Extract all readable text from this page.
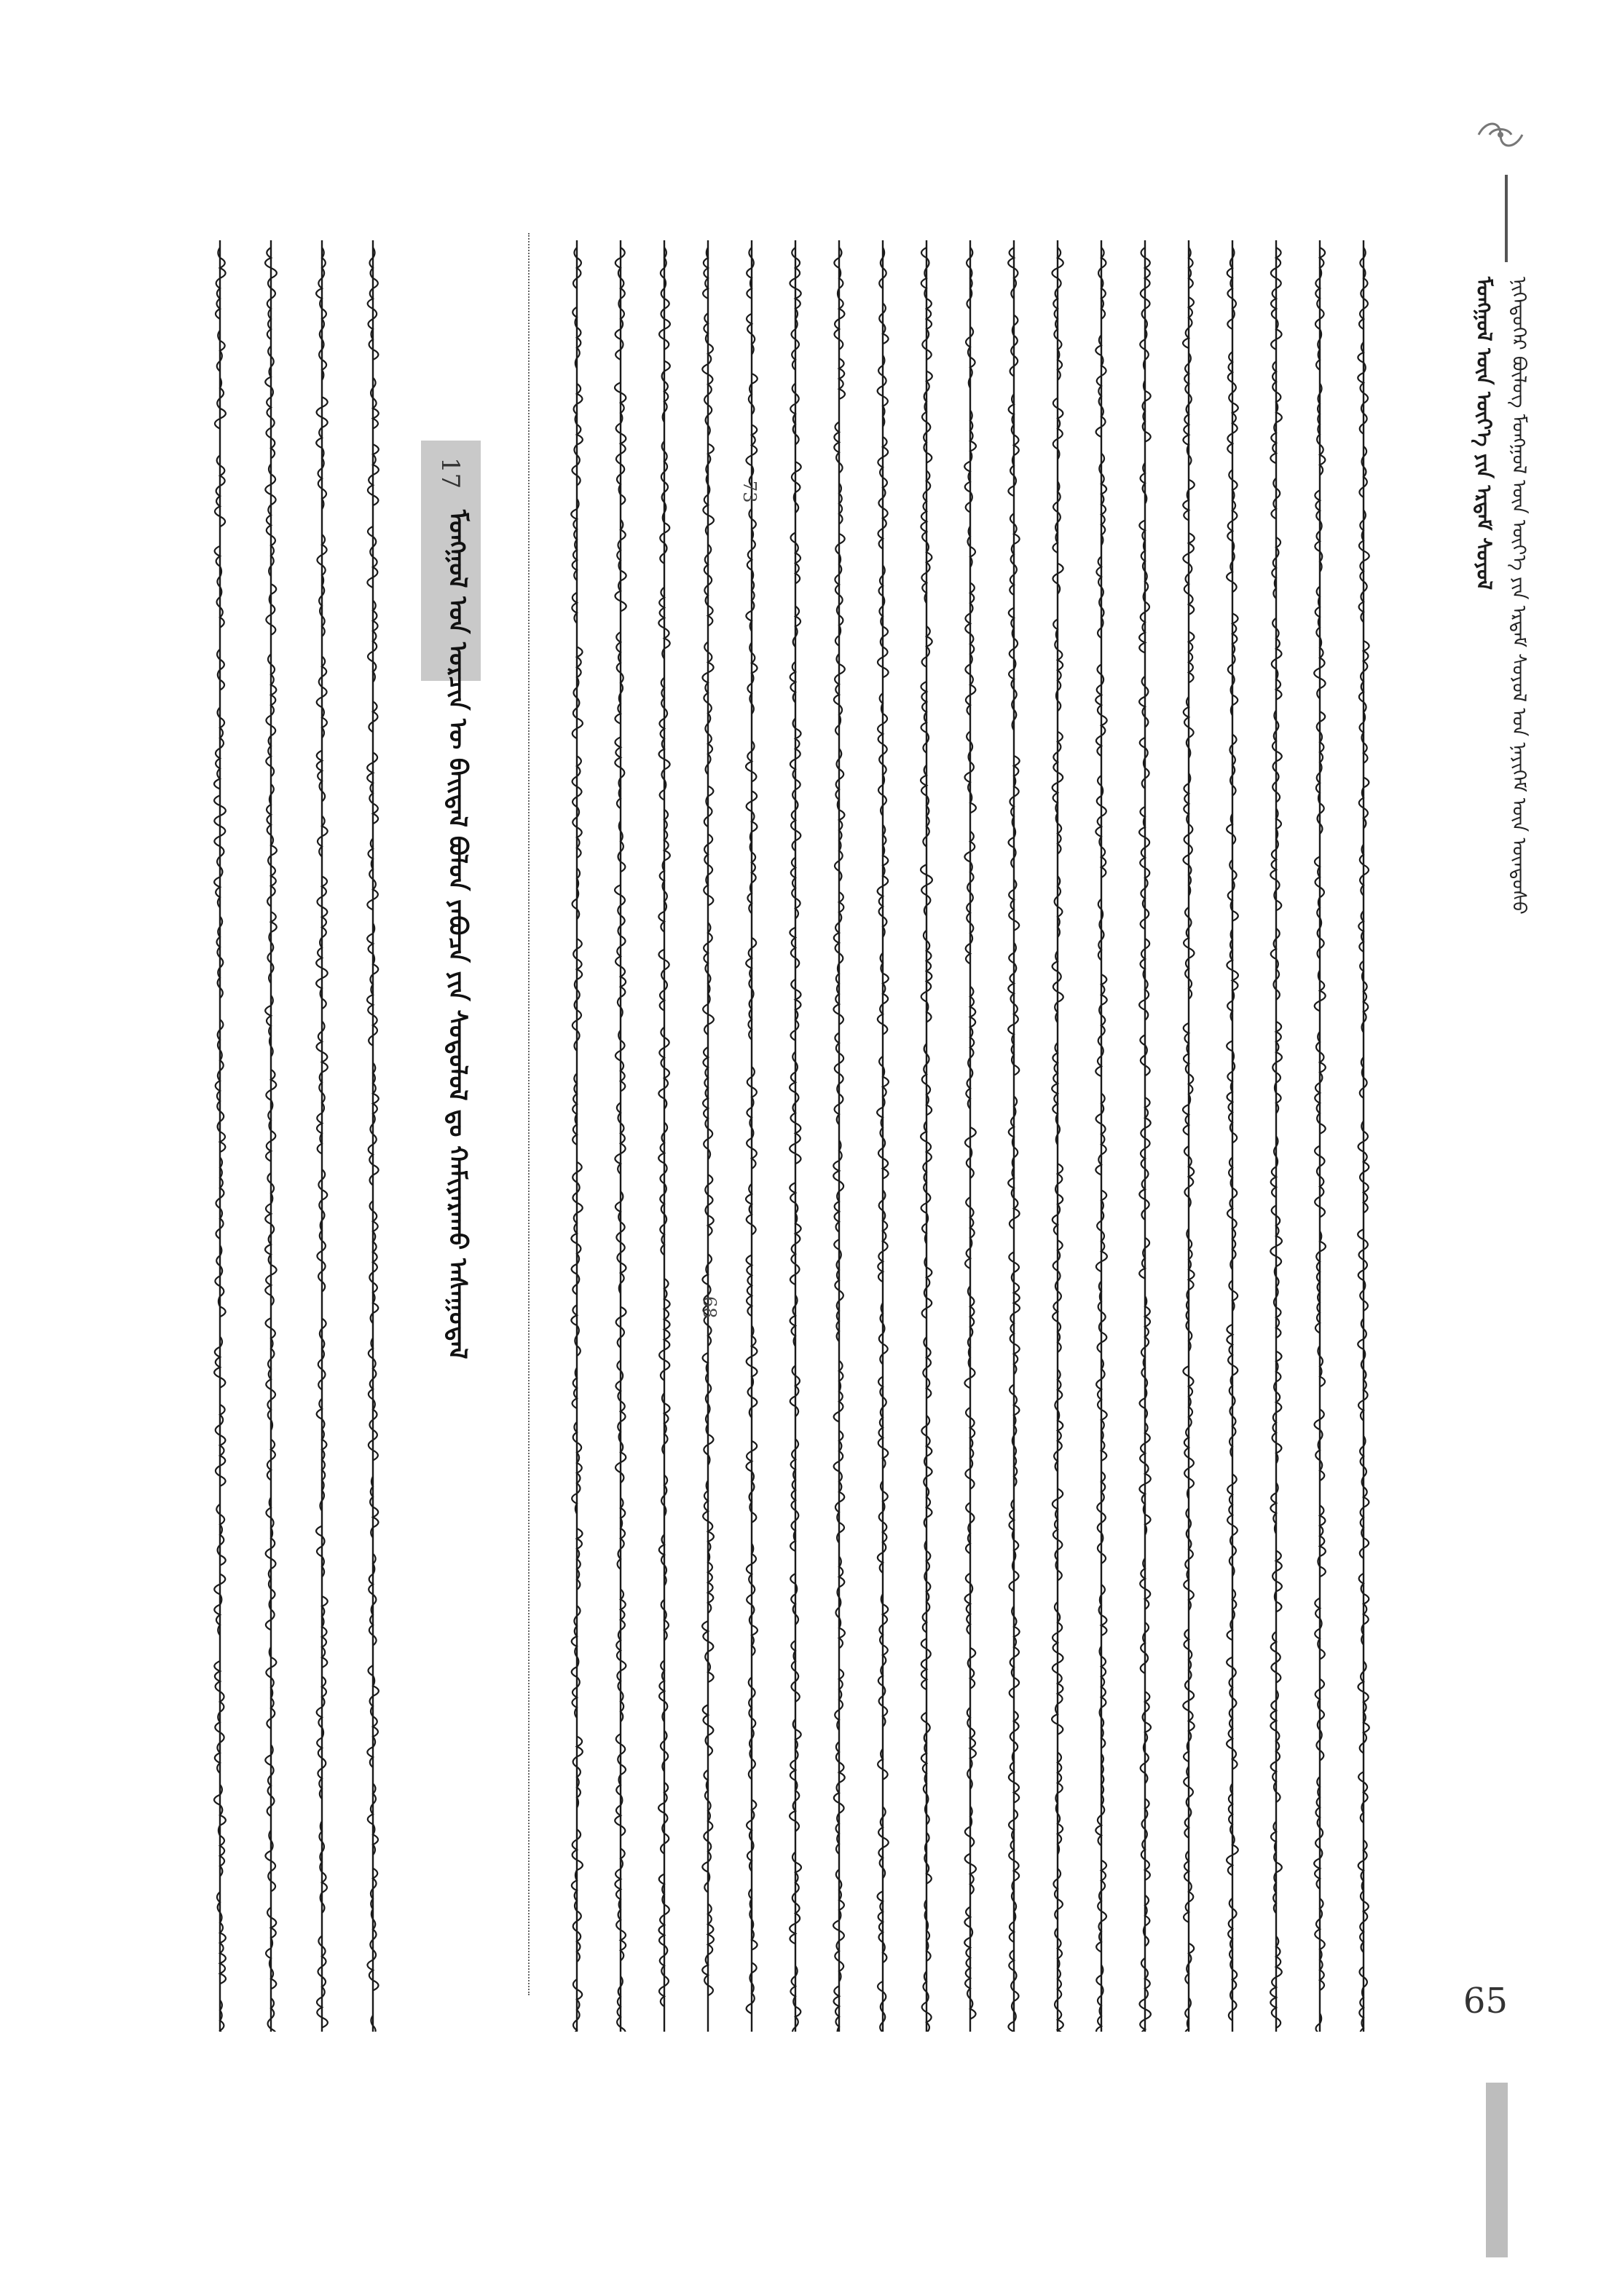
ᠨᠢᠭᠡᠳᠦᠭᠡᠷ ᠪᠦᠯᠦᠭ ᠮᠣᠩᠭᠣᠯ ᠦᠨ ᠦᠶ᠎ᠡ ᠶᠢᠨ ᠡᠷᠳᠡᠮ ᠰᠣᠶᠣᠯ ᠤᠨ ᠨᠡᠶᠢᠭᠡᠮ ᠦᠨ ᠦᠨᠳᠦᠰᠦ
ᠮᠣᠩᠭᠣᠯ ᠦᠨ ᠦᠶ᠎ᠡ ᠶᠢᠨ ᠡᠷᠳᠡᠮ ᠰᠣᠶᠣᠯ
17
ᠮᠣᠩᠭᠣᠯ ᠤᠨ ᠣᠷᠴᠢᠨ ᠦ ᠪᠠᠢᠳᠠᠯ ᠪᠣᠯᠣᠨ ᠶᠠᠪᠤᠴᠠ ᠶᠢᠨ ᠰᠤᠳᠤᠯᠤᠯ ᠳᠤ ᠬᠠᠮᠢᠶᠠᠷᠠᠬᠤ ᠠᠰᠠᠭᠤᠳᠠᠯ	68
73
65
